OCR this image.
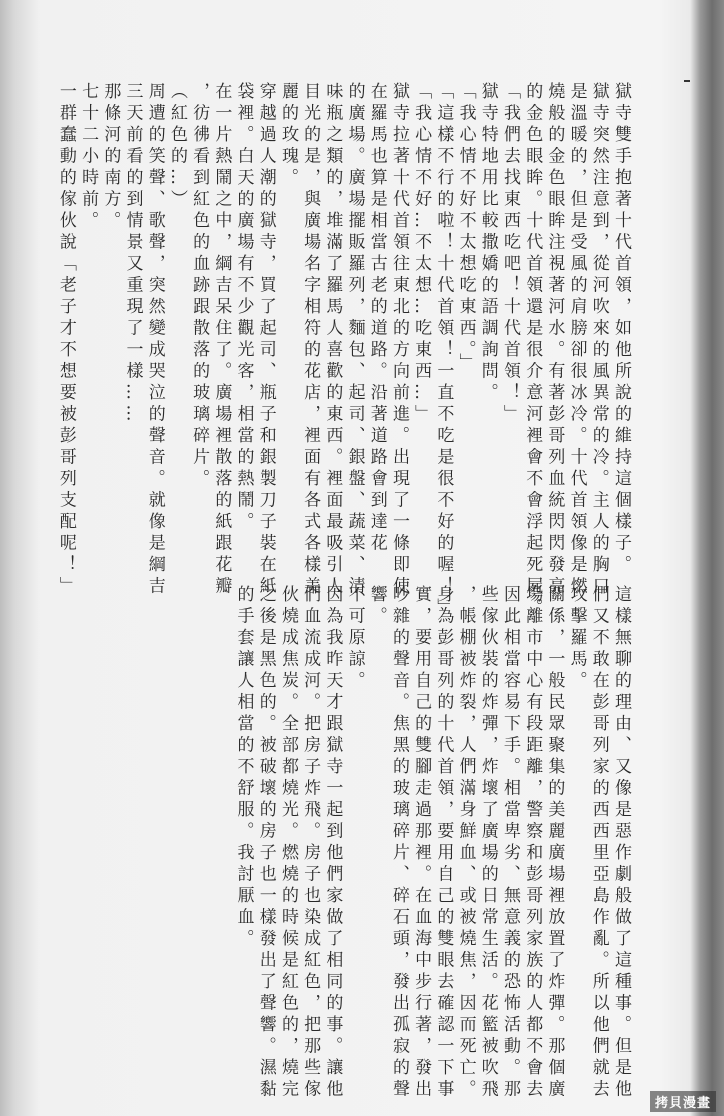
獄寺雙手抱著十代首領，如他所說的維持這個樣子。
獄寺突然注意到，從河吹來的風異常的冷。主人的胸口
是溫暖的，但是受風的肩膀卻很冰冷。十代首領像是燃
燒般的金色眼眸注視著河水。有著彭哥列血統閃閃發亮
的金色眼眸。十代首領還是很介意河裡會不會浮起死屍。
「我們去找東西吃吧！十代首領！」
獄寺特地用比較撒嬌的語調詢問。
「我心情不好不太想吃東西。」
「這樣不行的啦！十代首領！一直不吃是很不好的喔！」
「我心情不好…不太想…吃東西…」
獄寺拉著十代首領往東北的方向前進。出現了一條即使
在羅馬也算是相當古老的道路。沿著道路會到達花
的廣場。廣場擺販羅列，麵包、起司、銀盤、蔬菜、清
味瓶之類的，堆滿了羅馬人喜歡的東西。裡面最吸引人
目光的是，與廣場名字相符的花店，裡面有各式各樣美
麗的玫瑰。
穿越過人潮的獄寺，買了起司、瓶子和銀製刀子裝在紙
袋裡。白天的廣場有不少觀光客，相當的熱鬧。
在一片熱鬧之中，綱吉呆住了。廣場裡散落的紙跟花瓣
，彷彿看到紅色的血跡跟散落的玻璃碎片。
（紅色的…）
周遭的笑聲、歌聲，突然變成哭泣的聲音。就像是綱吉
三天前看的到情景又重現了一樣……
那條河的南方。
七十二小時前。
一群蠢動的傢伙說「老子才不想要被彭哥列支配呢！」
這樣無聊的理由、又像是惡作劇般做了這種事。但是他
們又不敢在彭哥列家的西西里亞島作亂。所以他們就去
攻擊羅馬。
關係，一般民眾聚集的美麗廣場裡放置了炸彈。那個廣
場離市中心有段距離，警察和彭哥列家族的人都不會去
因此相當容易下手。相當卑劣、無意義的恐怖活動。那
些傢伙裝的炸彈，炸壞了廣場的日常生活。花籃被吹飛
，帳棚被炸裂，人們滿身鮮血、或被燒焦，因而死亡。
身為彭哥列的十代首領，要用自己的雙眼去確認一下事
實，要用自己的雙腳走過那裡。在血海中步行著，發出
吵雜的聲音。焦黑的玻璃碎片、碎石頭，發出孤寂的聲
響。
不可原諒。
因為我昨天才跟獄寺一起到他們家做了相同的事。讓他
們血流成河。把房子炸飛。房子也染成紅色，把那些傢
伙燒成焦炭。全部都燒光。燃燒的時候是紅色的，燒完
之後是黑色的。被破壞的房子也一樣發出了聲響。濕黏
的手套讓人相當的不舒服。我討厭血。
拷貝漫畫
